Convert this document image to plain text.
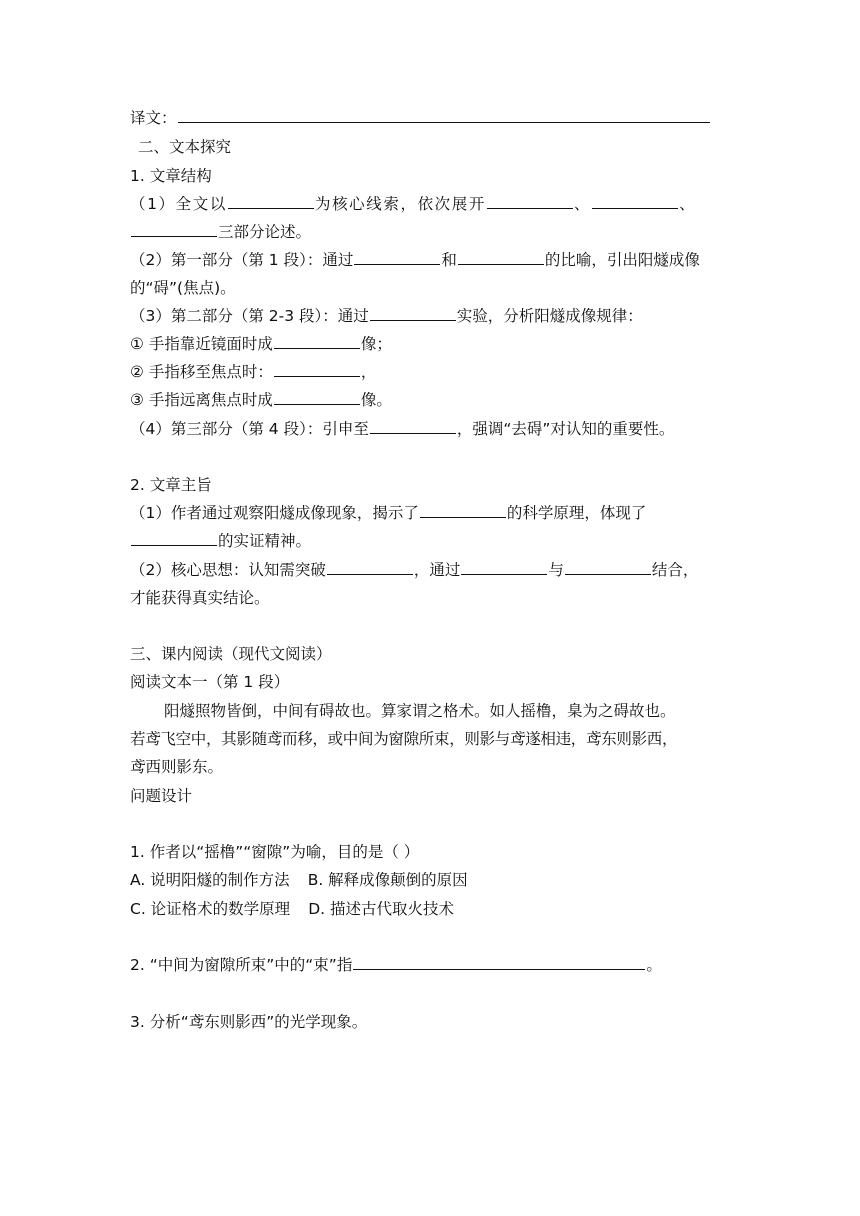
译文：
二、文本探究
1. 文章结构
（1）全文以	为核心线索，依次展开	、	、
三部分论述。
（2）第一部分（第 1 段）：通过	和	的比喻，引出阳燧成像
的“碍”(焦点)。
（3）第二部分（第 2-3 段）：通过	实验，分析阳燧成像规律：
① 手指靠近镜面时成	像；
② 手指移至焦点时：	，
③ 手指远离焦点时成	像。
（4）第三部分（第 4 段）：引申至	，强调“去碍”对认知的重要性。
2. 文章主旨
（1）作者通过观察阳燧成像现象，揭示了	的科学原理，体现了
的实证精神。
（2）核心思想：认知需突破	，通过	与	结合，
才能获得真实结论。
三、课内阅读（现代文阅读）
阅读文本一（第 1 段）
阳燧照物皆倒，中间有碍故也。算家谓之格术。如人摇橹，臬为之碍故也。
若鸢飞空中，其影随鸢而移，或中间为窗隙所束，则影与鸢遂相违，鸢东则影西，
鸢西则影东。
问题设计
1. 作者以“摇橹”“窗隙”为喻，目的是（ ）
A. 说明阳燧的制作方法 B. 解释成像颠倒的原因
C. 论证格术的数学原理 D. 描述古代取火技术
2. “中间为窗隙所束”中的“束”指	。
3. 分析“鸢东则影西”的光学现象。
